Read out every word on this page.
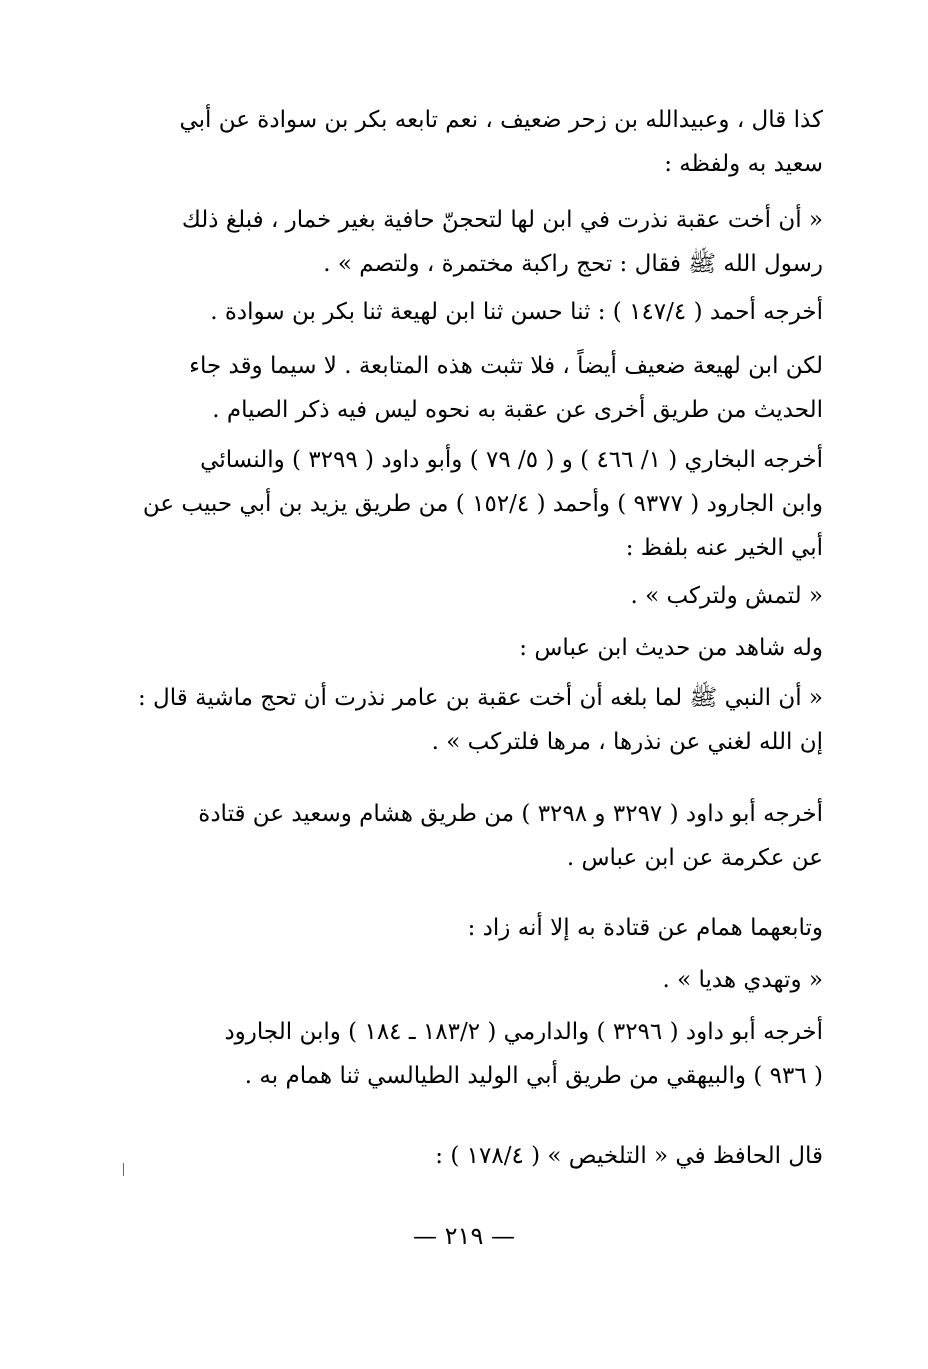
كذا قال ، وعبيدالله بن زحر ضعيف ، نعم تابعه بكر بن سوادة عن أبي
سعيد به ولفظه :
« أن أخت عقبة نذرت في ابن لها لتحجنّ حافية بغير خمار ، فبلغ ذلك
رسول الله ﷺ فقال : تحج راكبة مختمرة ، ولتصم » .
أخرجه أحمد ( ١٤٧/٤ ) : ثنا حسن ثنا ابن لهيعة ثنا بكر بن سوادة .
لكن ابن لهيعة ضعيف أيضاً ، فلا تثبت هذه المتابعة . لا سيما وقد جاء
الحديث من طريق أخرى عن عقبة به نحوه ليس فيه ذكر الصيام .
أخرجه البخاري ( ١/ ٤٦٦ ) و ( ٥/ ٧٩ ) وأبو داود ( ٣٢٩٩ ) والنسائي
وابن الجارود ( ٩٣٧٧ ) وأحمد ( ١٥٢/٤ ) من طريق يزيد بن أبي حبيب عن
أبي الخير عنه بلفظ :
« لتمش ولتركب » .
وله شاهد من حديث ابن عباس :
« أن النبي ﷺ لما بلغه أن أخت عقبة بن عامر نذرت أن تحج ماشية قال :
إن الله لغني عن نذرها ، مرها فلتركب » .
أخرجه أبو داود ( ٣٢٩٧ و ٣٢٩٨ ) من طريق هشام وسعيد عن قتادة
عن عكرمة عن ابن عباس .
وتابعهما همام عن قتادة به إلا أنه زاد :
« وتهدي هديا » .
أخرجه أبو داود ( ٣٢٩٦ ) والدارمي ( ١٨٣/٢ ـ ١٨٤ ) وابن الجارود
( ٩٣٦ ) والبيهقي من طريق أبي الوليد الطيالسي ثنا همام به .
قال الحافظ في « التلخيص » ( ١٧٨/٤ ) :
— ٢١٩ —
